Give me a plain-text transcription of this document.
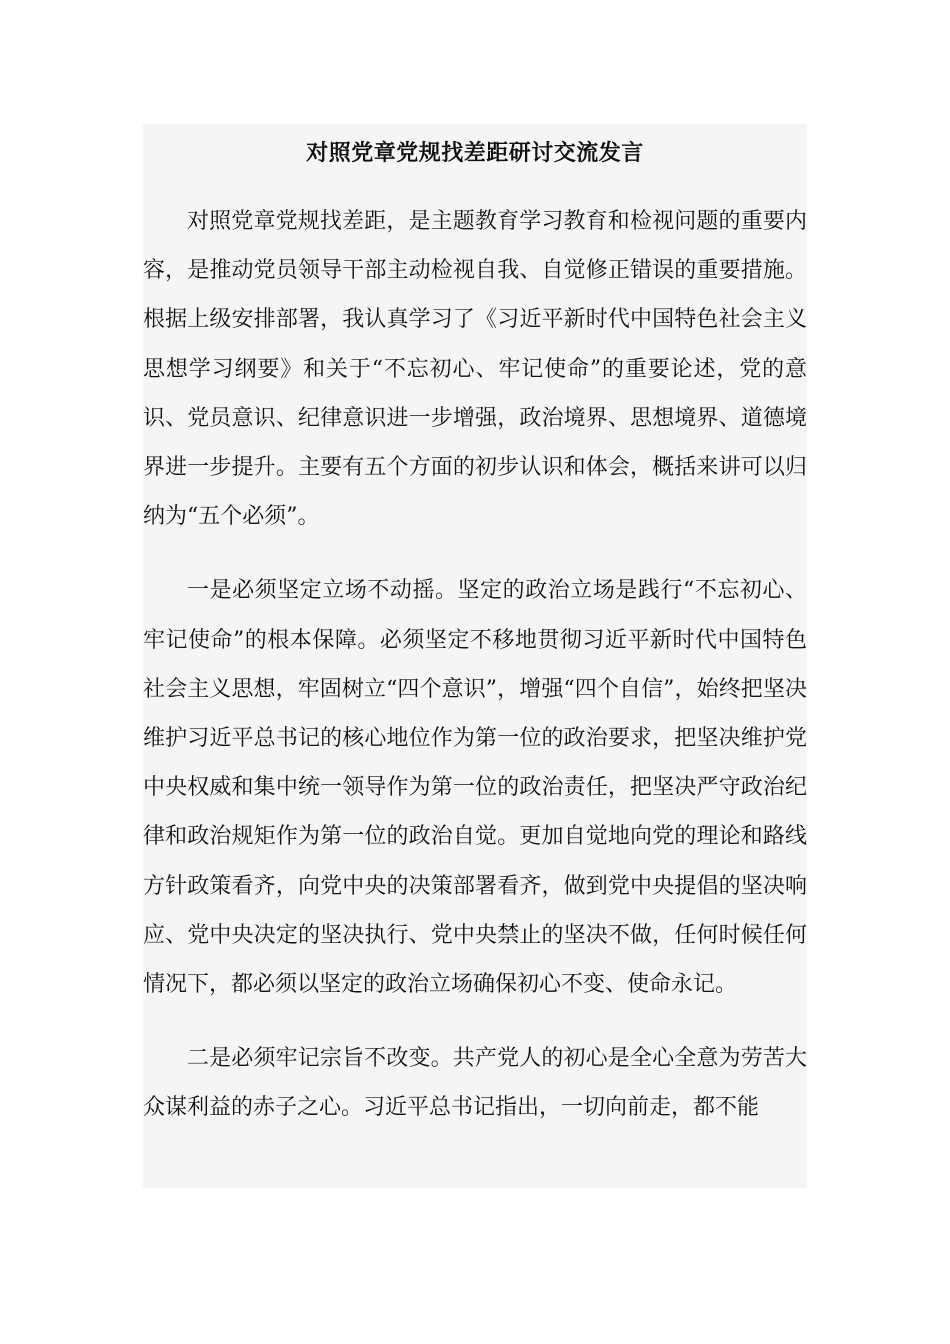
对照党章党规找差距研讨交流发言

对照党章党规找差距，是主题教育学习教育和检视问题的重要内容，是推动党员领导干部主动检视自我、自觉修正错误的重要措施。根据上级安排部署，我认真学习了《习近平新时代中国特色社会主义思想学习纲要》和关于“不忘初心、牢记使命”的重要论述，党的意识、党员意识、纪律意识进一步增强，政治境界、思想境界、道德境界进一步提升。主要有五个方面的初步认识和体会，概括来讲可以归纳为“五个必须”。

一是必须坚定立场不动摇。坚定的政治立场是践行“不忘初心、牢记使命”的根本保障。必须坚定不移地贯彻习近平新时代中国特色社会主义思想，牢固树立“四个意识”，增强“四个自信”，始终把坚决维护习近平总书记的核心地位作为第一位的政治要求，把坚决维护党中央权威和集中统一领导作为第一位的政治责任，把坚决严守政治纪律和政治规矩作为第一位的政治自觉。更加自觉地向党的理论和路线方针政策看齐，向党中央的决策部署看齐，做到党中央提倡的坚决响应、党中央决定的坚决执行、党中央禁止的坚决不做，任何时候任何情况下，都必须以坚定的政治立场确保初心不变、使命永记。

二是必须牢记宗旨不改变。共产党人的初心是全心全意为劳苦大众谋利益的赤子之心。习近平总书记指出，一切向前走，都不能
